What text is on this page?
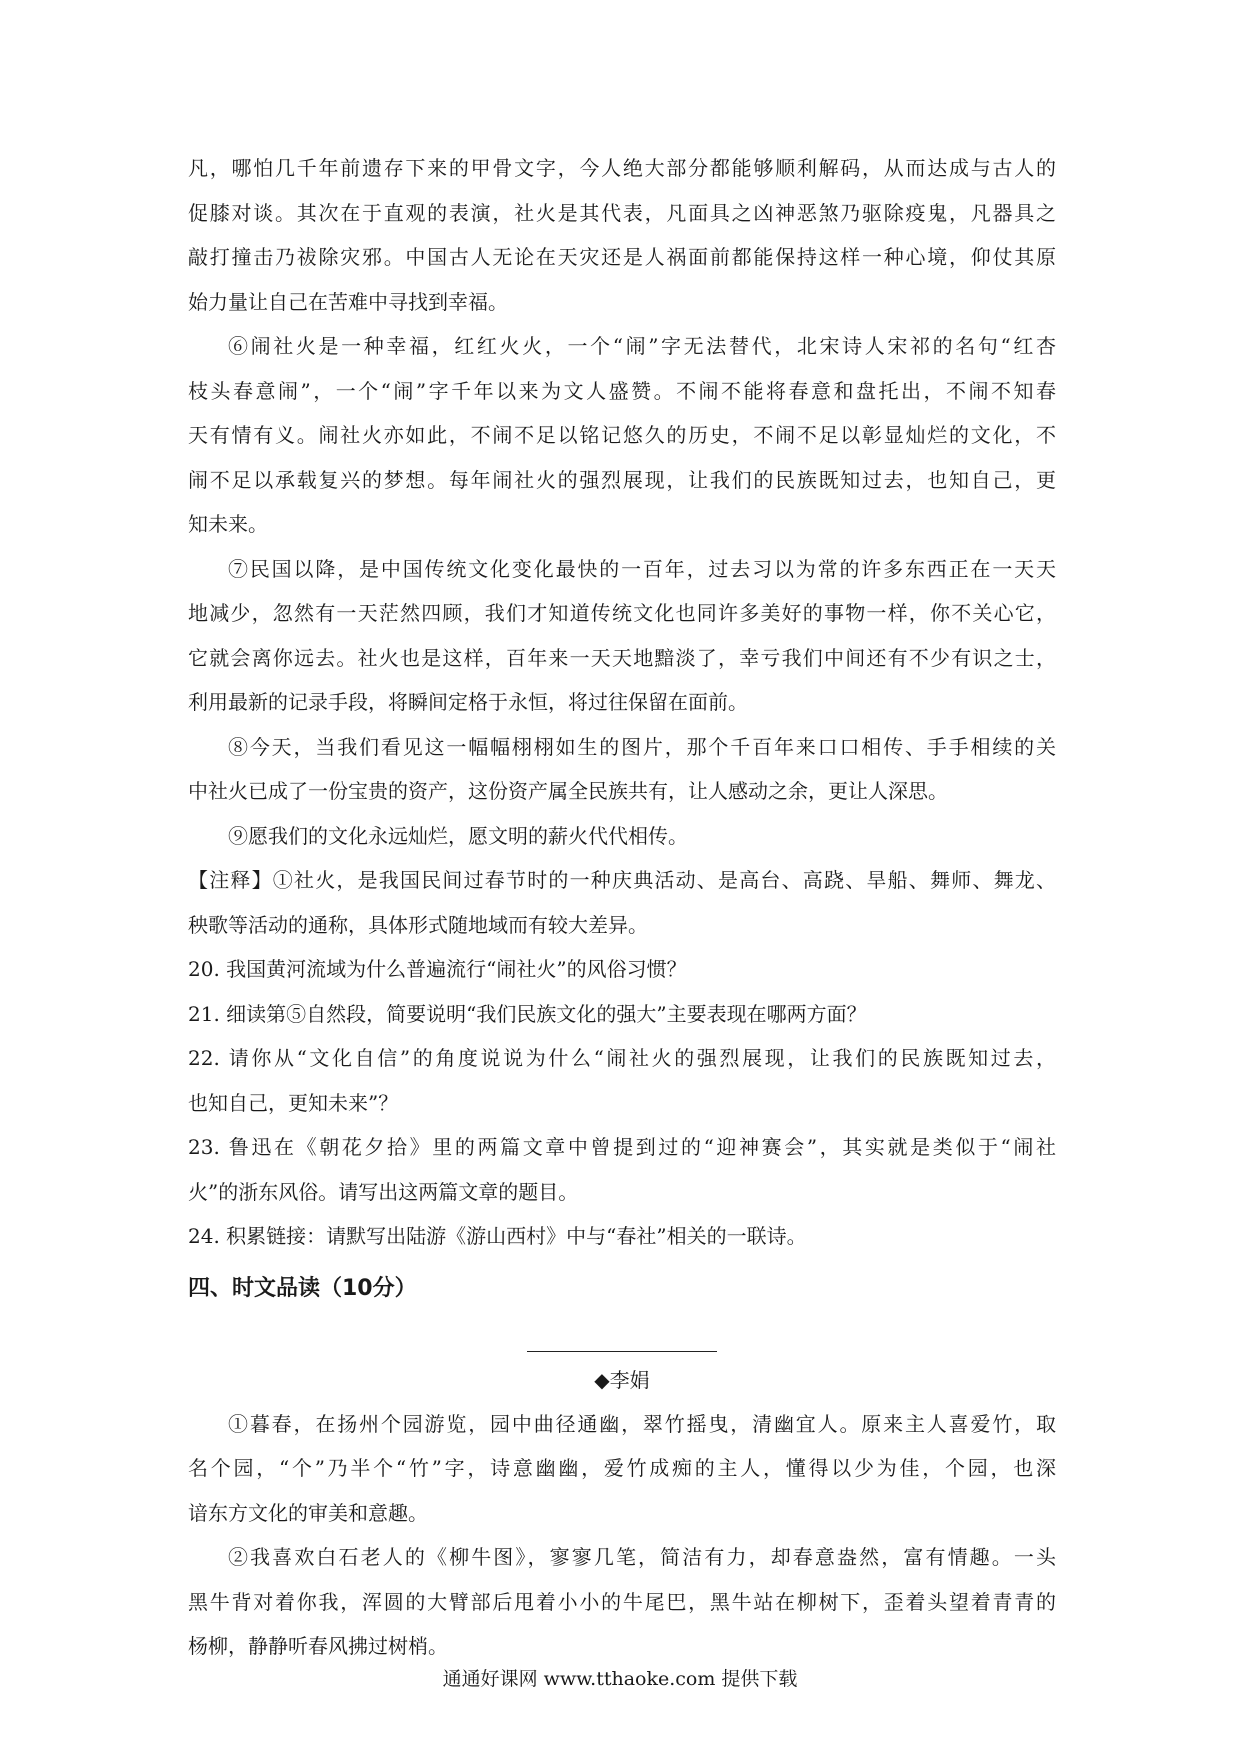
凡，哪怕几千年前遗存下来的甲骨文字，今人绝大部分都能够顺利解码，从而达成与古人的
促膝对谈。其次在于直观的表演，社火是其代表，凡面具之凶神恶煞乃驱除疫鬼，凡器具之
敲打撞击乃祓除灾邪。中国古人无论在天灾还是人祸面前都能保持这样一种心境，仰仗其原
始力量让自己在苦难中寻找到幸福。
⑥闹社火是一种幸福，红红火火，一个“闹”字无法替代，北宋诗人宋祁的名句“红杏
枝头春意闹”，一个“闹”字千年以来为文人盛赞。不闹不能将春意和盘托出，不闹不知春
天有情有义。闹社火亦如此，不闹不足以铭记悠久的历史，不闹不足以彰显灿烂的文化，不
闹不足以承载复兴的梦想。每年闹社火的强烈展现，让我们的民族既知过去，也知自己，更
知未来。
⑦民国以降，是中国传统文化变化最快的一百年，过去习以为常的许多东西正在一天天
地减少，忽然有一天茫然四顾，我们才知道传统文化也同许多美好的事物一样，你不关心它，
它就会离你远去。社火也是这样，百年来一天天地黯淡了，幸亏我们中间还有不少有识之士，
利用最新的记录手段，将瞬间定格于永恒，将过往保留在面前。
⑧今天，当我们看见这一幅幅栩栩如生的图片，那个千百年来口口相传、手手相续的关
中社火已成了一份宝贵的资产，这份资产属全民族共有，让人感动之余，更让人深思。
⑨愿我们的文化永远灿烂，愿文明的薪火代代相传。
【注释】①社火，是我国民间过春节时的一种庆典活动、是高台、高跷、旱船、舞师、舞龙、
秧歌等活动的通称，具体形式随地域而有较大差异。
20. 我国黄河流域为什么普遍流行“闹社火”的风俗习惯？
21. 细读第⑤自然段，简要说明“我们民族文化的强大”主要表现在哪两方面？
22. 请你从“文化自信”的角度说说为什么“闹社火的强烈展现，让我们的民族既知过去，
也知自己，更知未来”？
23. 鲁迅在《朝花夕拾》里的两篇文章中曾提到过的“迎神赛会”，其实就是类似于“闹社
火”的浙东风俗。请写出这两篇文章的题目。
24. 积累链接：请默写出陆游《游山西村》中与“春社”相关的一联诗。
四、时文品读（10分）
◆李娟
①暮春，在扬州个园游览，园中曲径通幽，翠竹摇曳，清幽宜人。原来主人喜爱竹，取
名个园，“个”乃半个“竹”字，诗意幽幽，爱竹成痴的主人，懂得以少为佳，个园，也深
谙东方文化的审美和意趣。
②我喜欢白石老人的《柳牛图》，寥寥几笔，简洁有力，却春意盎然，富有情趣。一头
黑牛背对着你我，浑圆的大臂部后甩着小小的牛尾巴，黑牛站在柳树下，歪着头望着青青的
杨柳，静静听春风拂过树梢。
通通好课网 www.tthaoke.com 提供下载
